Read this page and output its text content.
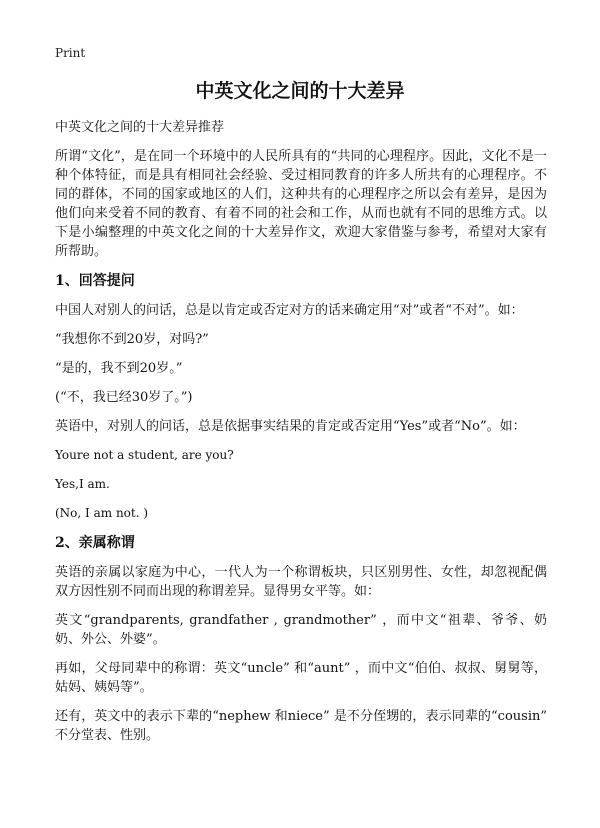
Print
中英文化之间的十大差异

中英文化之间的十大差异推荐

所谓“文化”，是在同一个环境中的人民所具有的“共同的心理程序。因此，文化不是一种个体特征，而是具有相同社会经验、受过相同教育的许多人所共有的心理程序。不同的群体，不同的国家或地区的人们，这种共有的心理程序之所以会有差异，是因为他们向来受着不同的教育、有着不同的社会和工作，从而也就有不同的思维方式。以下是小编整理的中英文化之间的十大差异作文，欢迎大家借鉴与参考，希望对大家有所帮助。

1、回答提问

中国人对别人的问话，总是以肯定或否定对方的话来确定用“对”或者“不对”。如：

“我想你不到20岁，对吗?”

“是的，我不到20岁。”

(“不，我已经30岁了。”)

英语中，对别人的问话，总是依据事实结果的肯定或否定用“Yes”或者“No”。如：

Youre not a student, are you?

Yes,I am.

(No, I am not. )

2、亲属称谓

英语的亲属以家庭为中心，一代人为一个称谓板块，只区别男性、女性，却忽视配偶双方因性别不同而出现的称谓差异。显得男女平等。如：

英文“grandparents, grandfather , grandmother” ，而中文“祖辈、爷爷、奶奶、外公、外婆”。

再如，父母同辈中的称谓：英文“uncle” 和“aunt” ，而中文“伯伯、叔叔、舅舅等，姑妈、姨妈等”。

还有，英文中的表示下辈的“nephew 和niece” 是不分侄甥的，表示同辈的“cousin” 不分堂表、性别。
